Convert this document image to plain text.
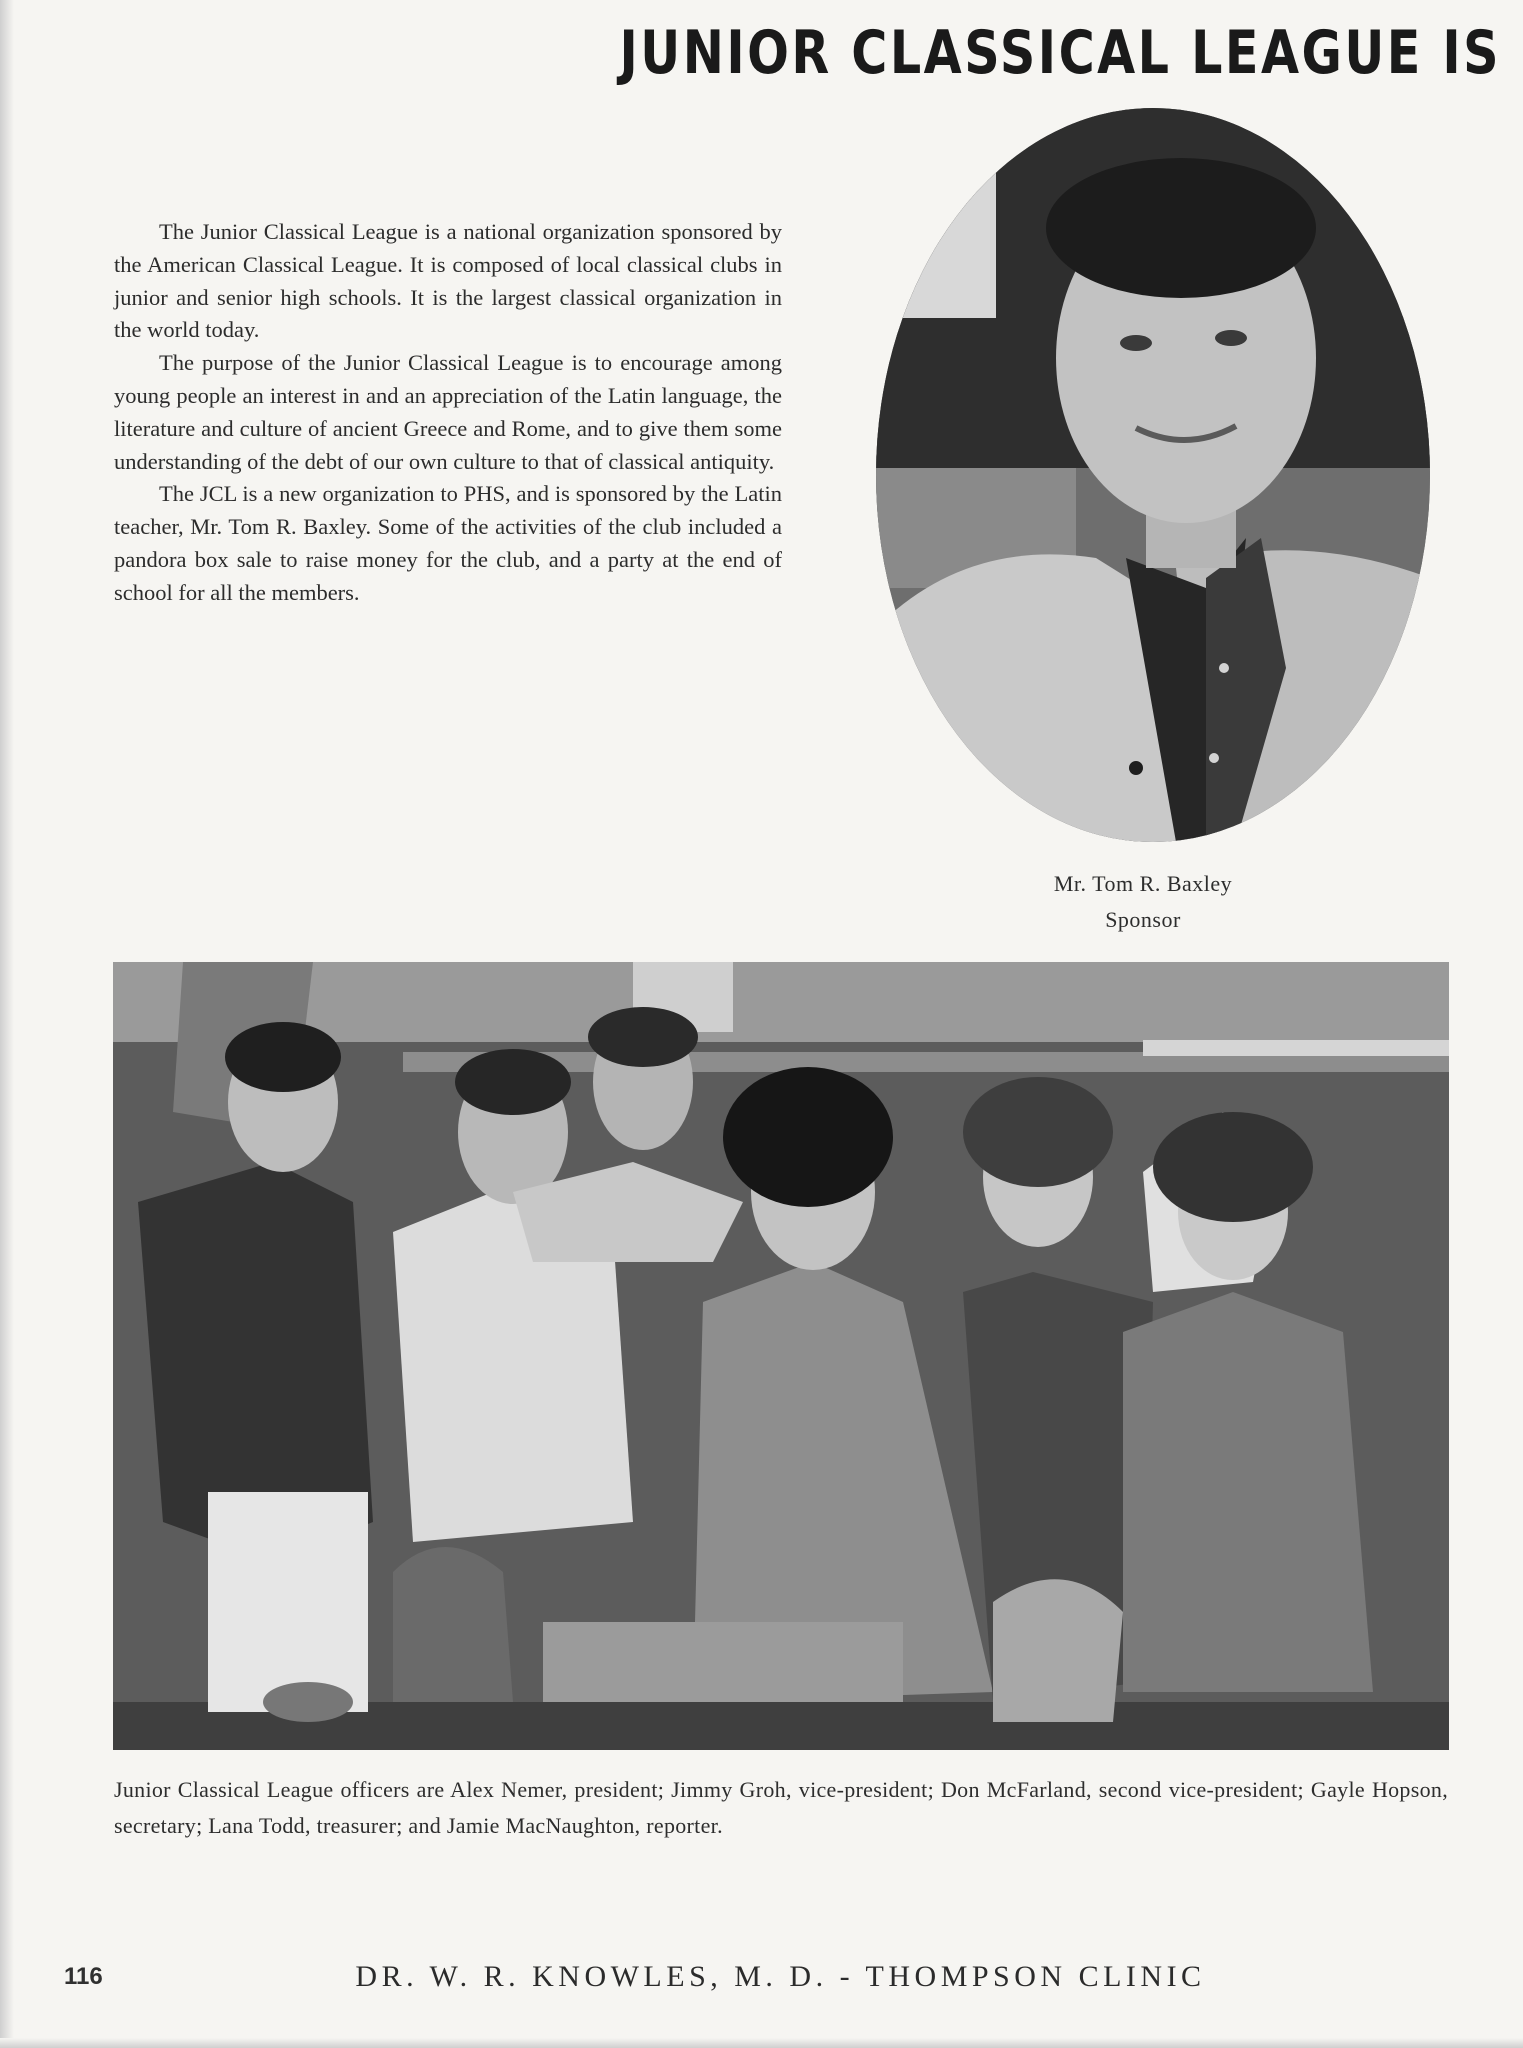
JUNIOR CLASSICAL LEAGUE IS

The Junior Classical League is a national organization sponsored by the American Classical League. It is composed of local classical clubs in junior and senior high schools. It is the largest classical organization in the world today.

The purpose of the Junior Classical League is to encourage among young people an interest in and an appreciation of the Latin language, the literature and culture of ancient Greece and Rome, and to give them some understanding of the debt of our own culture to that of classical antiquity.

The JCL is a new organization to PHS, and is sponsored by the Latin teacher, Mr. Tom R. Baxley. Some of the activities of the club included a pandora box sale to raise money for the club, and a party at the end of school for all the members.

Mr. Tom R. Baxley
Sponsor
Junior Classical League officers are Alex Nemer, president; Jimmy Groh, vice-president; Don McFarland, second vice-president; Gayle Hopson, secretary; Lana Todd, treasurer; and Jamie MacNaughton, reporter.
116	DR. W. R. KNOWLES, M. D. - THOMPSON CLINIC
